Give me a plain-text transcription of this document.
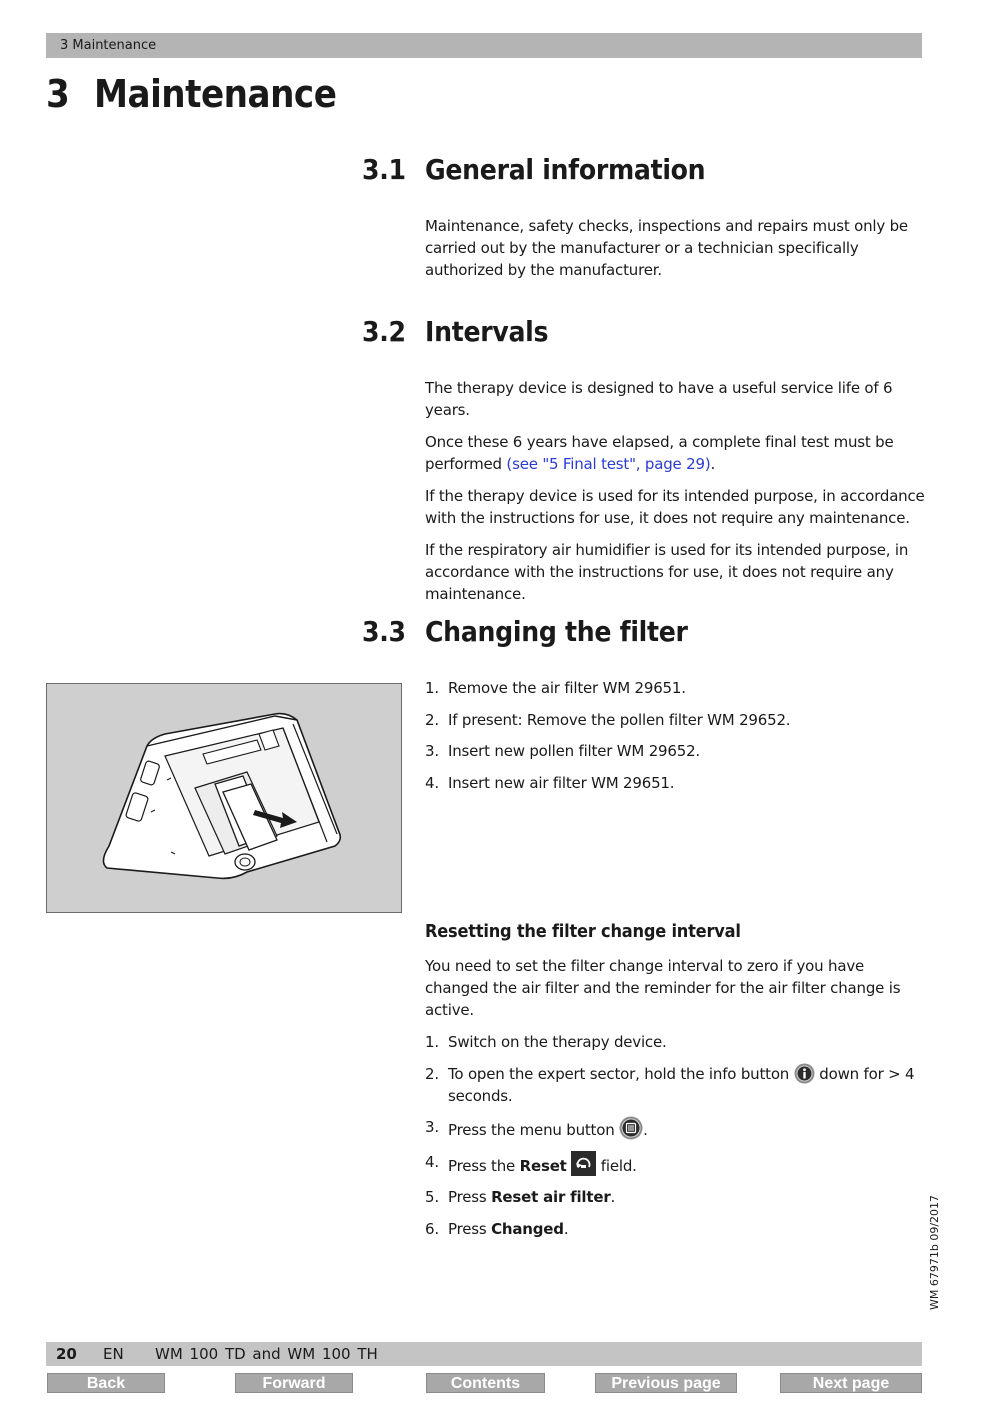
3 Maintenance
3 Maintenance
3.1 General information

Maintenance, safety checks, inspections and repairs must only be carried out by the manufacturer or a technician specifically authorized by the manufacturer.

3.2 Intervals

The therapy device is designed to have a useful service life of 6 years.

Once these 6 years have elapsed, a complete final test must be performed (see "5 Final test", page 29).

If the therapy device is used for its intended purpose, in accordance with the instructions for use, it does not require any maintenance.

If the respiratory air humidifier is used for its intended purpose, in accordance with the instructions for use, it does not require any maintenance.

3.3 Changing the filter
1. Remove the air filter WM 29651.
2. If present: Remove the pollen filter WM 29652.
3. Insert new pollen filter WM 29652.
4. Insert new air filter WM 29651.
Resetting the filter change interval

You need to set the filter change interval to zero if you have changed the air filter and the reminder for the air filter change is active.

1. Switch on the therapy device.
2. To open the expert sector, hold the info button down for > 4 seconds.
3. Press the menu button .
4. Press the Reset field.
5. Press Reset air filter.
6. Press Changed.	WM 67971b 09/2017
20 EN WM 100 TD and WM 100 TH
Back	Forward	Contents	Previous page	Next page
